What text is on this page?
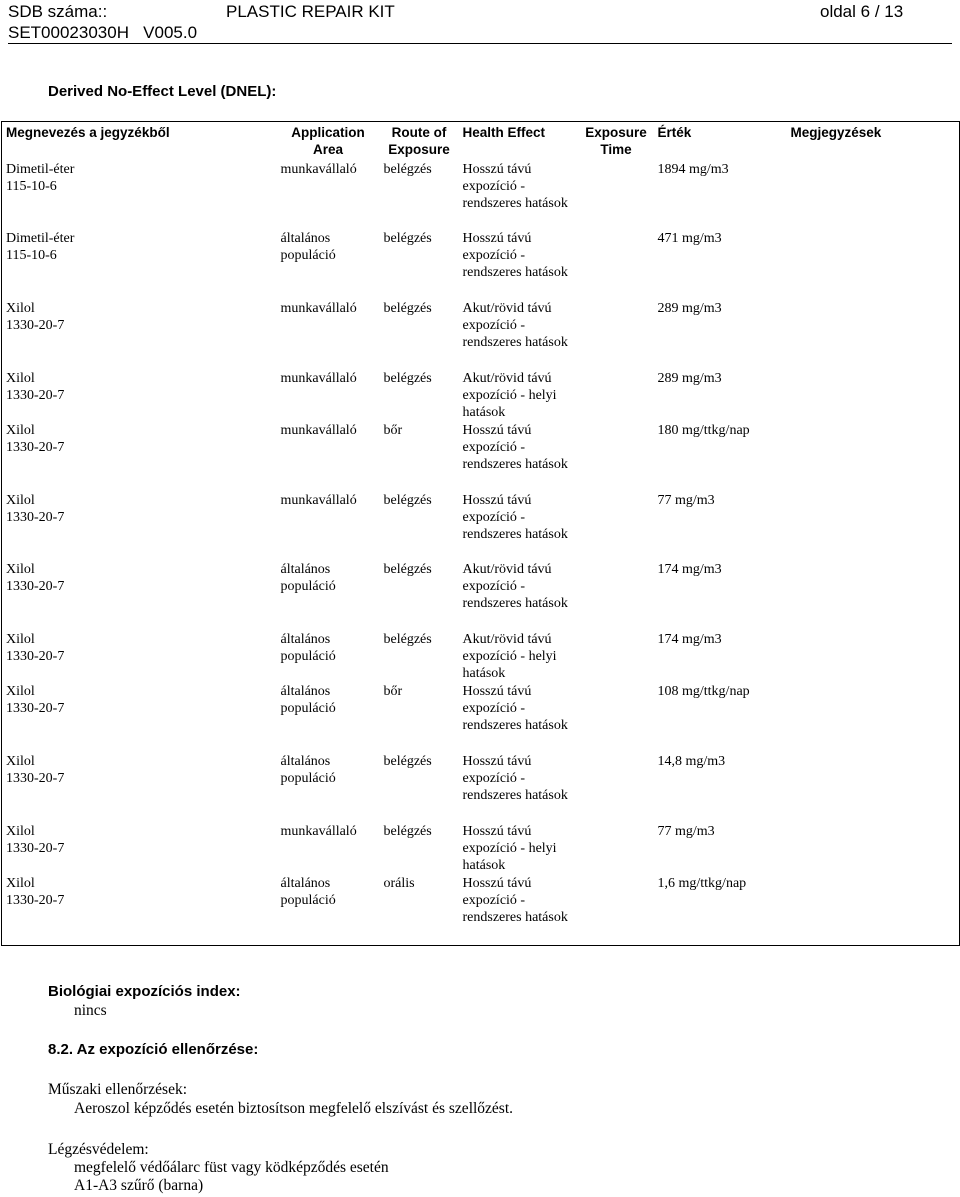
SDB száma::	PLASTIC REPAIR KIT	oldal 6 / 13
SET00023030H V005.0
Derived No-Effect Level (DNEL):
Megnevezés a jegyzékből	Application Area	Route of Exposure	Health Effect	Exposure Time	Érték	Megjegyzések

Dimetil-éter
115-10-6	munkavállaló	belégzés	Hosszú távú expozíció - rendszeres hatások		1894 mg/m3	

Dimetil-éter
115-10-6	általános populáció	belégzés	Hosszú távú expozíció - rendszeres hatások		471 mg/m3	

Xilol
1330-20-7	munkavállaló	belégzés	Akut/rövid távú expozíció - rendszeres hatások		289 mg/m3	

Xilol
1330-20-7	munkavállaló	belégzés	Akut/rövid távú expozíció - helyi hatások		289 mg/m3	

Xilol
1330-20-7	munkavállaló	bőr	Hosszú távú expozíció - rendszeres hatások		180 mg/ttkg/nap	

Xilol
1330-20-7	munkavállaló	belégzés	Hosszú távú expozíció - rendszeres hatások		77 mg/m3	

Xilol
1330-20-7	általános populáció	belégzés	Akut/rövid távú expozíció - rendszeres hatások		174 mg/m3	

Xilol
1330-20-7	általános populáció	belégzés	Akut/rövid távú expozíció - helyi hatások		174 mg/m3	

Xilol
1330-20-7	általános populáció	bőr	Hosszú távú expozíció - rendszeres hatások		108 mg/ttkg/nap	

Xilol
1330-20-7	általános populáció	belégzés	Hosszú távú expozíció - rendszeres hatások		14,8 mg/m3	

Xilol
1330-20-7	munkavállaló	belégzés	Hosszú távú expozíció - helyi hatások		77 mg/m3	

Xilol
1330-20-7	általános populáció	orális	Hosszú távú expozíció - rendszeres hatások		1,6 mg/ttkg/nap	

Biológiai expozíciós index:
nincs
8.2. Az expozíció ellenőrzése:
Műszaki ellenőrzések:
Aeroszol képződés esetén biztosítson megfelelő elszívást és szellőzést.
Légzésvédelem:
megfelelő védőálarc füst vagy ködképződés esetén
A1-A3 szűrő (barna)
